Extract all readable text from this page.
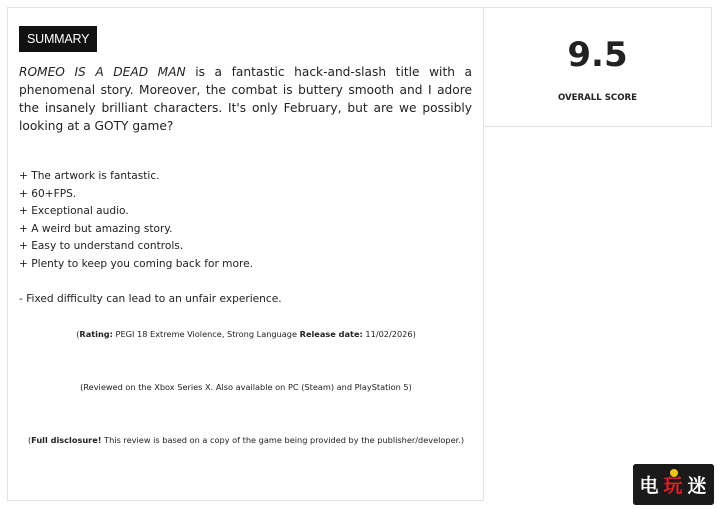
SUMMARY

ROMEO IS A DEAD MAN is a fantastic hack-and-slash title with a phenomenal story. Moreover, the combat is buttery smooth and I adore the insanely brilliant characters. It's only February, but are we possibly looking at a GOTY game?

+ The artwork is fantastic.
+ 60+FPS.
+ Exceptional audio.
+ A weird but amazing story.
+ Easy to understand controls.
+ Plenty to keep you coming back for more.
- Fixed difficulty can lead to an unfair experience.
(Rating: PEGI 18 Extreme Violence, Strong Language Release date: 11/02/2026)
(Reviewed on the Xbox Series X. Also available on PC (Steam) and PlayStation 5)
(Full disclosure! This review is based on a copy of the game being provided by the publisher/developer.)
9.5
OVERALL SCORE
电 玩 迷
